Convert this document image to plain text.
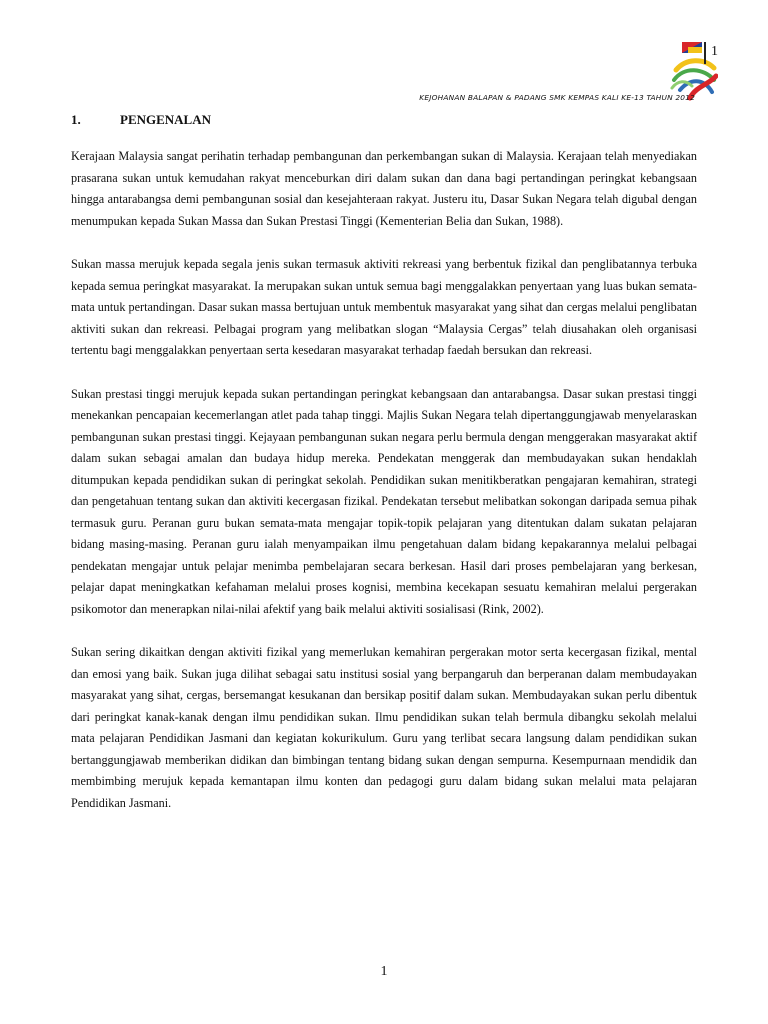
1
KEJOHANAN BALAPAN & PADANG SMK KEMPAS KALI KE-13 TAHUN 2012
1.	PENGENALAN

Kerajaan Malaysia sangat perihatin terhadap pembangunan dan perkembangan sukan di Malaysia. Kerajaan telah menyediakan prasarana sukan untuk kemudahan rakyat menceburkan diri dalam sukan dan dana bagi pertandingan peringkat kebangsaan hingga antarabangsa demi pembangunan sosial dan kesejahteraan rakyat. Justeru itu, Dasar Sukan Negara telah digubal dengan menumpukan kepada Sukan Massa dan Sukan Prestasi Tinggi (Kementerian Belia dan Sukan, 1988).

Sukan massa merujuk kepada segala jenis sukan termasuk aktiviti rekreasi yang berbentuk fizikal dan penglibatannya terbuka kepada semua peringkat masyarakat. Ia merupakan sukan untuk semua bagi menggalakkan penyertaan yang luas bukan semata-mata untuk pertandingan. Dasar sukan massa bertujuan untuk membentuk masyarakat yang sihat dan cergas melalui penglibatan aktiviti sukan dan rekreasi. Pelbagai program yang melibatkan slogan “Malaysia Cergas” telah diusahakan oleh organisasi tertentu bagi menggalakkan penyertaan serta kesedaran masyarakat terhadap faedah bersukan dan rekreasi.

Sukan prestasi tinggi merujuk kepada sukan pertandingan peringkat kebangsaan dan antarabangsa. Dasar sukan prestasi tinggi menekankan pencapaian kecemerlangan atlet pada tahap tinggi. Majlis Sukan Negara telah dipertanggungjawab menyelaraskan pembangunan sukan prestasi tinggi. Kejayaan pembangunan sukan negara perlu bermula dengan menggerakan masyarakat aktif dalam sukan sebagai amalan dan budaya hidup mereka. Pendekatan menggerak dan membudayakan sukan hendaklah ditumpukan kepada pendidikan sukan di peringkat sekolah. Pendidikan sukan menitikberatkan pengajaran kemahiran, strategi dan pengetahuan tentang sukan dan aktiviti kecergasan fizikal. Pendekatan tersebut melibatkan sokongan daripada semua pihak termasuk guru. Peranan guru bukan semata-mata mengajar topik-topik pelajaran yang ditentukan dalam sukatan pelajaran bidang masing-masing. Peranan guru ialah menyampaikan ilmu pengetahuan dalam bidang kepakarannya melalui pelbagai pendekatan mengajar untuk pelajar menimba pembelajaran secara berkesan. Hasil dari proses pembelajaran yang berkesan, pelajar dapat meningkatkan kefahaman melalui proses kognisi, membina kecekapan sesuatu kemahiran melalui pergerakan psikomotor dan menerapkan nilai-nilai afektif yang baik melalui aktiviti sosialisasi (Rink, 2002).

Sukan sering dikaitkan dengan aktiviti fizikal yang memerlukan kemahiran pergerakan motor serta kecergasan fizikal, mental dan emosi yang baik. Sukan juga dilihat sebagai satu institusi sosial yang berpangaruh dan berperanan dalam membudayakan masyarakat yang sihat, cergas, bersemangat kesukanan dan bersikap positif dalam sukan. Membudayakan sukan perlu dibentuk dari peringkat kanak-kanak dengan ilmu pendidikan sukan. Ilmu pendidikan sukan telah bermula dibangku sekolah melalui mata pelajaran Pendidikan Jasmani dan kegiatan kokurikulum. Guru yang terlibat secara langsung dalam pendidikan sukan bertanggungjawab memberikan didikan dan bimbingan tentang bidang sukan dengan sempurna. Kesempurnaan mendidik dan membimbing merujuk kepada kemantapan ilmu konten dan pedagogi guru dalam bidang sukan melalui mata pelajaran Pendidikan Jasmani.

1
